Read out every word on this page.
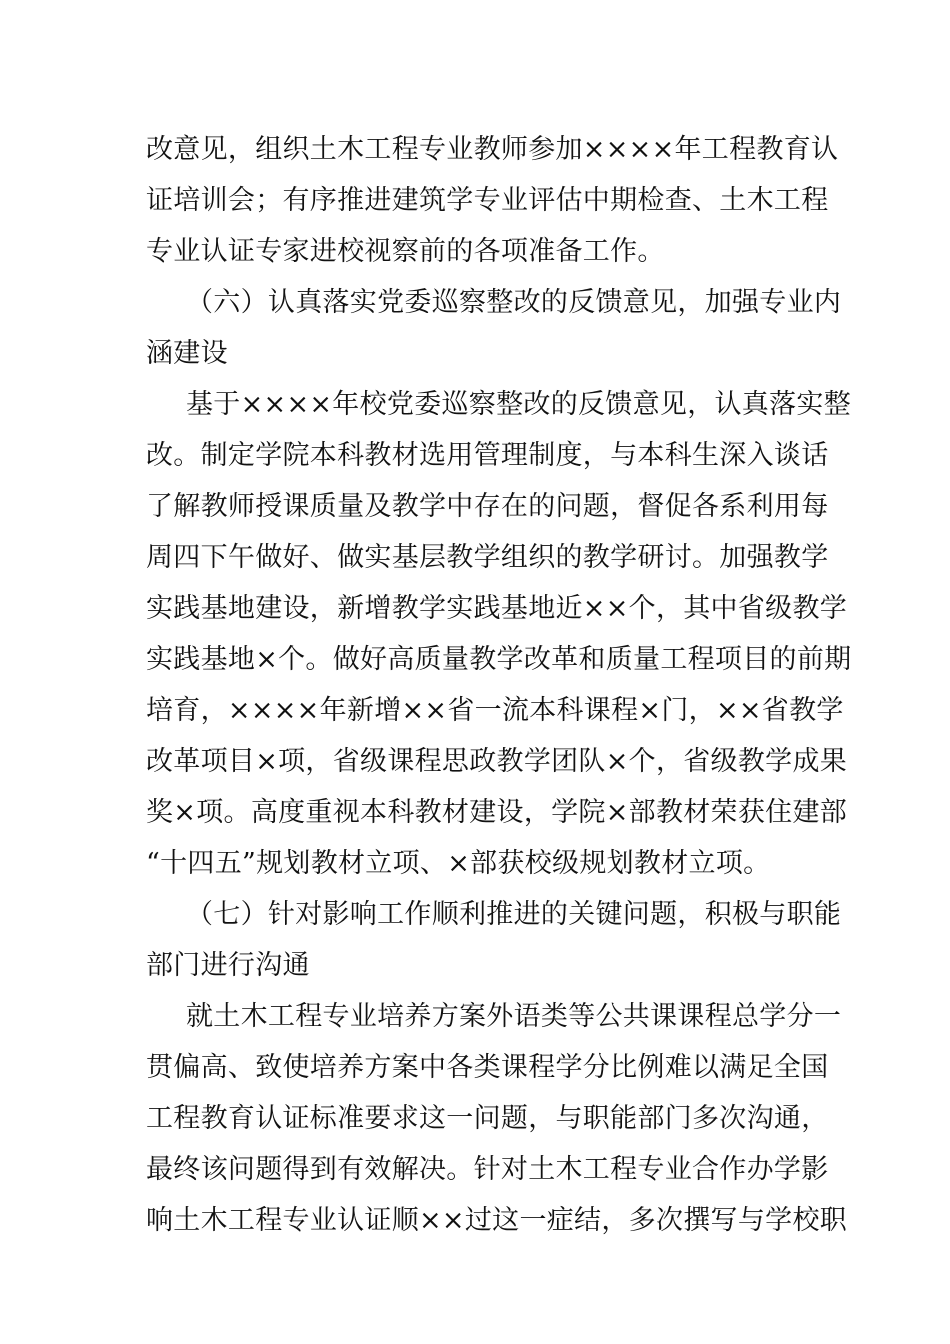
改意见，组织土木工程专业教师参加××××年工程教育认
证培训会；有序推进建筑学专业评估中期检查、土木工程
专业认证专家进校视察前的各项准备工作。
（六）认真落实党委巡察整改的反馈意见，加强专业内
涵建设
基于××××年校党委巡察整改的反馈意见，认真落实整
改。制定学院本科教材选用管理制度，与本科生深入谈话
了解教师授课质量及教学中存在的问题，督促各系利用每
周四下午做好、做实基层教学组织的教学研讨。加强教学
实践基地建设，新增教学实践基地近××个，其中省级教学
实践基地×个。做好高质量教学改革和质量工程项目的前期
培育，××××年新增××省一流本科课程×门，××省教学
改革项目×项，省级课程思政教学团队×个，省级教学成果
奖×项。高度重视本科教材建设，学院×部教材荣获住建部
“十四五”规划教材立项、×部获校级规划教材立项。
（七）针对影响工作顺利推进的关键问题，积极与职能
部门进行沟通
就土木工程专业培养方案外语类等公共课课程总学分一
贯偏高、致使培养方案中各类课程学分比例难以满足全国
工程教育认证标准要求这一问题，与职能部门多次沟通，
最终该问题得到有效解决。针对土木工程专业合作办学影
响土木工程专业认证顺××过这一症结，多次撰写与学校职
